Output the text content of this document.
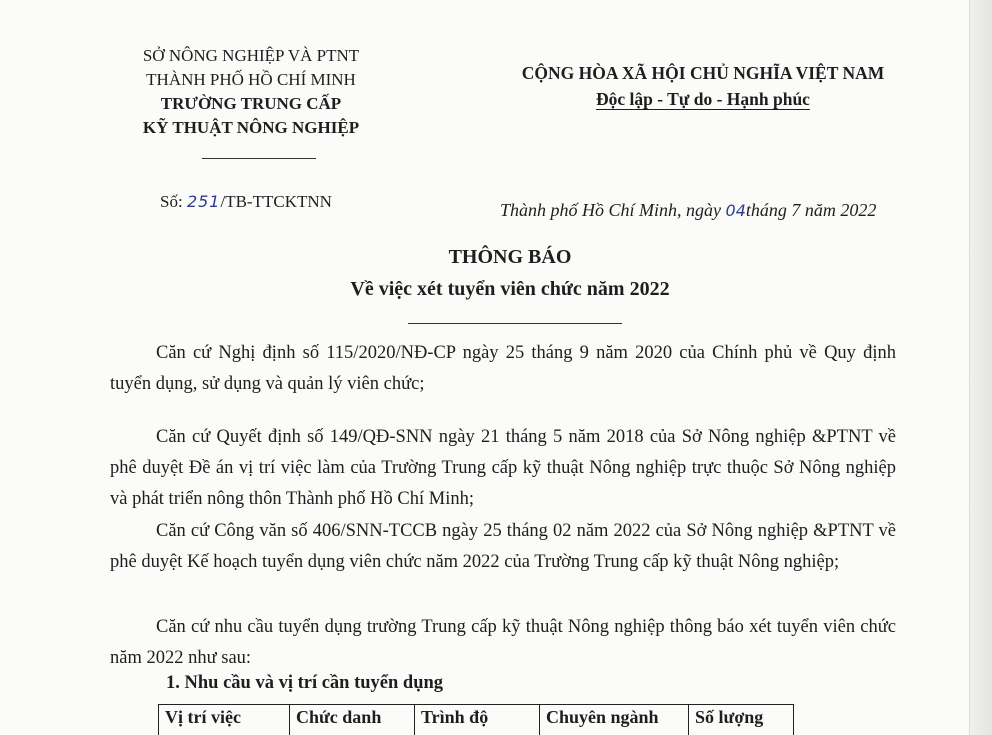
SỞ NÔNG NGHIỆP VÀ PTNT
THÀNH PHỐ HỒ CHÍ MINH
TRƯỜNG TRUNG CẤP
KỸ THUẬT NÔNG NGHIỆP
CỘNG HÒA XÃ HỘI CHỦ NGHĨA VIỆT NAM
Độc lập - Tự do - Hạnh phúc
Số: 251/TB-TTCKTNN	Thành phố Hồ Chí Minh, ngày 04tháng 7 năm 2022
THÔNG BÁO
Về việc xét tuyển viên chức năm 2022
Căn cứ Nghị định số 115/2020/NĐ-CP ngày 25 tháng 9 năm 2020 của Chính phủ về Quy định tuyển dụng, sử dụng và quản lý viên chức;
Căn cứ Quyết định số 149/QĐ-SNN ngày 21 tháng 5 năm 2018 của Sở Nông nghiệp &PTNT về phê duyệt Đề án vị trí việc làm của Trường Trung cấp kỹ thuật Nông nghiệp trực thuộc Sở Nông nghiệp và phát triển nông thôn Thành phố Hồ Chí Minh;
Căn cứ Công văn số 406/SNN-TCCB ngày 25 tháng 02 năm 2022 của Sở Nông nghiệp &PTNT về phê duyệt Kế hoạch tuyển dụng viên chức năm 2022 của Trường Trung cấp kỹ thuật Nông nghiệp;
Căn cứ nhu cầu tuyển dụng trường Trung cấp kỹ thuật Nông nghiệp thông báo xét tuyển viên chức năm 2022 như sau:
1. Nhu cầu và vị trí cần tuyển dụng
Vị trí việc	Chức danh	Trình độ	Chuyên ngành	Số lượng
